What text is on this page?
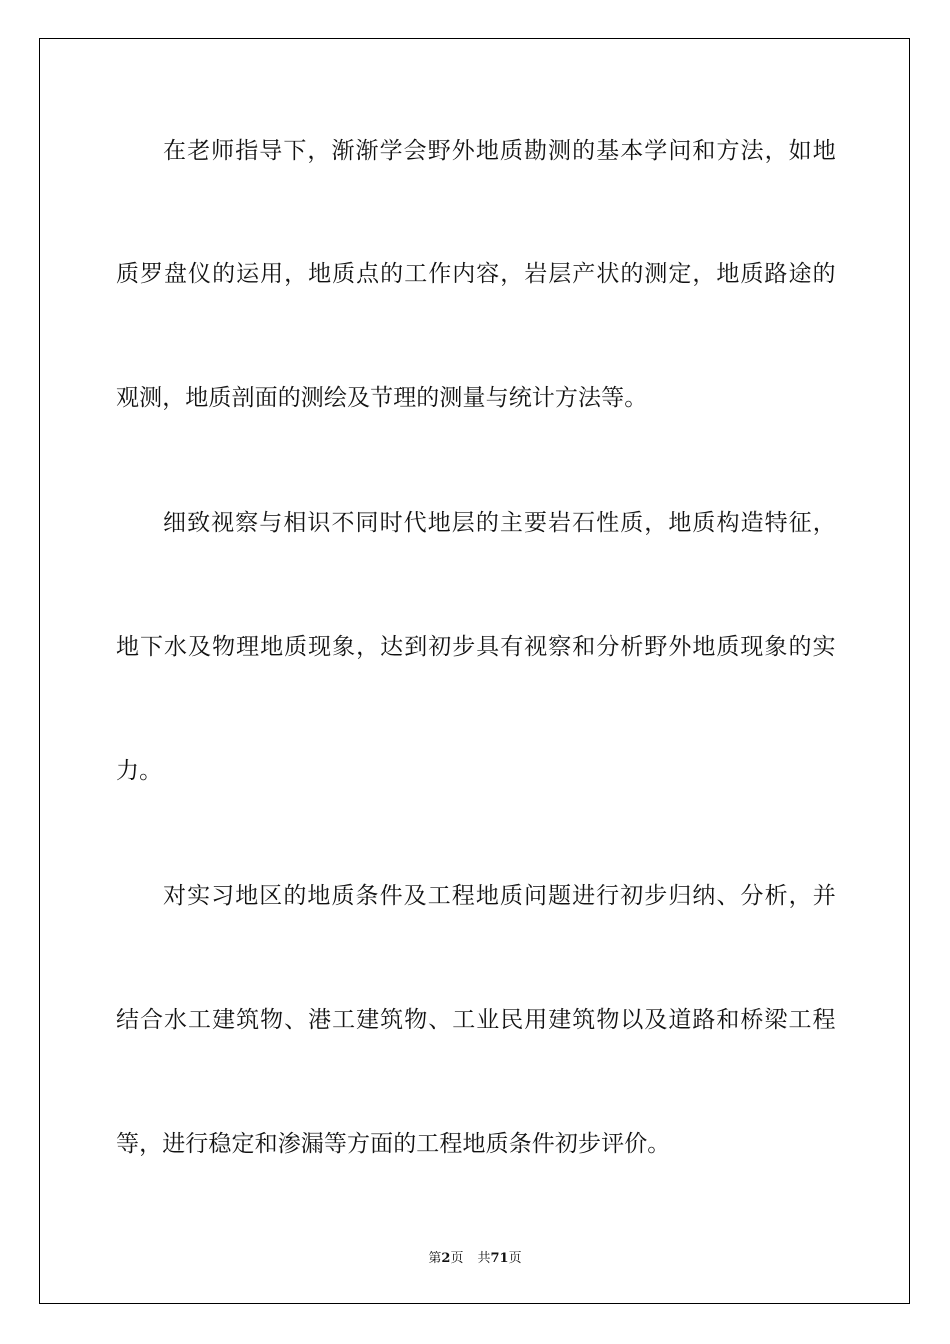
在 老 师 指 导 下 ， 渐 渐 学 会 野 外 地 质 勘 测 的 基 本 学 问 和 方 法 ， 如 地
质 罗 盘 仪 的 运 用 ， 地 质 点 的 工 作 内 容 ， 岩 层 产 状 的 测 定 ， 地 质 路 途 的
观测，地质剖面的测绘及节理的测量与统计方法等。
细 致 视 察 与 相 识 不 同 时 代 地 层 的 主 要 岩 石 性 质 ， 地 质 构 造 特 征 ，
地 下 水 及 物 理 地 质 现 象 ， 达 到 初 步 具 有 视 察 和 分 析 野 外 地 质 现 象 的 实
力。
对 实 习 地 区 的 地 质 条 件 及 工 程 地 质 问 题 进 行 初 步 归 纳 、 分 析 ， 并
结 合 水 工 建 筑 物 、 港 工 建 筑 物 、 工 业 民 用 建 筑 物 以 及 道 路 和 桥 梁 工 程
等，进行稳定和渗漏等方面的工程地质条件初步评价。
第2页 共71页
